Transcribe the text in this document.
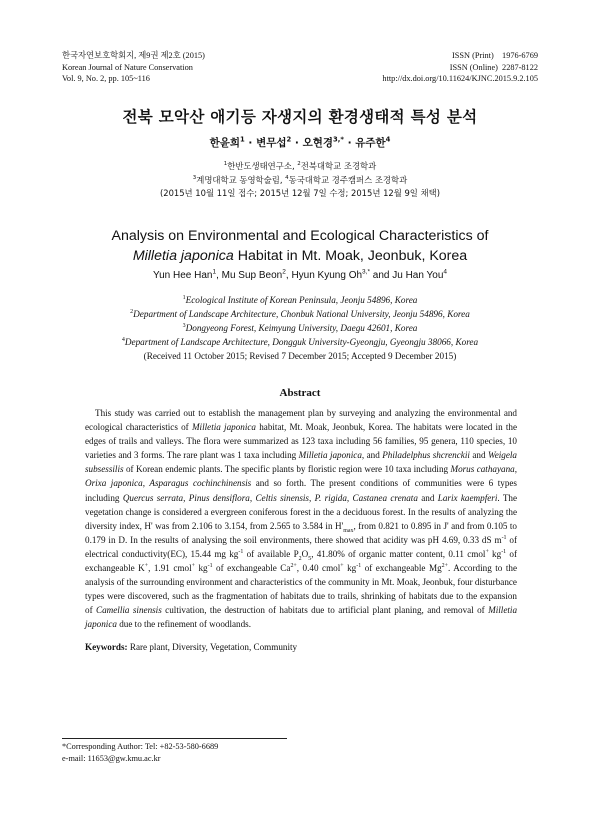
한국자연보호학회지, 제9권 제2호 (2015)
Korean Journal of Nature Conservation
Vol. 9, No. 2, pp. 105~116
ISSN (Print)    1976-6769
ISSN (Online)  2287-8122
http://dx.doi.org/10.11624/KJNC.2015.9.2.105
전북 모악산 애기등 자생지의 환경생태적 특성 분석
한윤희$^1$ · 변무섭$^2$ · 오현경$^{3,*}$ · 유주한$^4$
$^1$한반도생태연구소, $^2$전북대학교 조경학과
$^3$계명대학교 동영학술림, $^4$동국대학교 경주캠퍼스 조경학과
(2015년 10월 11일 접수; 2015년 12월 7일 수정; 2015년 12월 9일 채택)
Analysis on Environmental and Ecological Characteristics of
Milletia japonica Habitat in Mt. Moak, Jeonbuk, Korea
Yun Hee Han$^1$, Mu Sup Beon$^2$, Hyun Kyung $Oh^{3,*}$ and Ju Han You$^4$
$^1$Ecological Institute of Korean Peninsula, Jeonju 54896, Korea
$^2$Department of Landscape Architecture, Chonbuk National University, Jeonju 54896, Korea
$^3$Dongyeong Forest, Keimyung University, Daegu 42601, Korea
$^4$Department of Landscape Architecture, Dongguk University-Gyeongju, Gyeongju 38066, Korea
(Received 11 October 2015; Revised 7 December 2015; Accepted 9 December 2015)
Abstract

This study was carried out to establish the management plan by surveying and analyzing the environmental and ecological characteristics of Milletia japonica habitat, Mt. Moak, Jeonbuk, Korea. The habitats were located in the edges of trails and valleys. The flora were summarized as 123 taxa including 56 families, 95 genera, 110 species, 10 varieties and 3 forms. The rare plant was 1 taxa including Milletia japonica, and Philadelphus shcrenckii and Weigela subsessilis of Korean endemic plants. The specific plants by floristic region were 10 taxa including Morus cathayana, Orixa japonica, Asparagus cochinchinensis and so forth. The present conditions of communities were 6 types including Quercus serrata, Pinus densiflora, Celtis sinensis, P. rigida, Castanea crenata and Larix kaempferi. The vegetation change is considered a evergreen coniferous forest in the a deciduous forest. In the results of analyzing the diversity index, H' was from 2.106 to 3.154, from 2.565 to 3.584 in $H'_{max}$, from 0.821 to 0.895 in J' and from 0.105 to 0.179 in D. In the results of analysing the soil environments, there showed that acidity was pH 4.69, 0.33 dS $m^{-1}$ of electrical conductivity(EC), 15.44 mg $kg^{-1}$ of available $P_2O_5$, 41.80% of organic matter content, 0.11 cmol+ $kg^{-1}$ of exchangeable K+, 1.91 cmol+ $kg^{-1}$ of exchangeable $Ca^{2+}$, 0.40 cmol+ $kg^{-1}$ of exchangeable $Mg^{2+}$. According to the analysis of the surrounding environment and characteristics of the community in Mt. Moak, Jeonbuk, four disturbance types were discovered, such as the fragmentation of habitats due to trails, shrinking of habitats due to the expansion of Camellia sinensis cultivation, the destruction of habitats due to artificial plant planing, and removal of Milletia japonica due to the refinement of woodlands.

Keywords: Rare plant, Diversity, Vegetation, Community
*Corresponding Author: Tel: +82-53-580-6689
e-mail: 11653@gw.kmu.ac.kr
